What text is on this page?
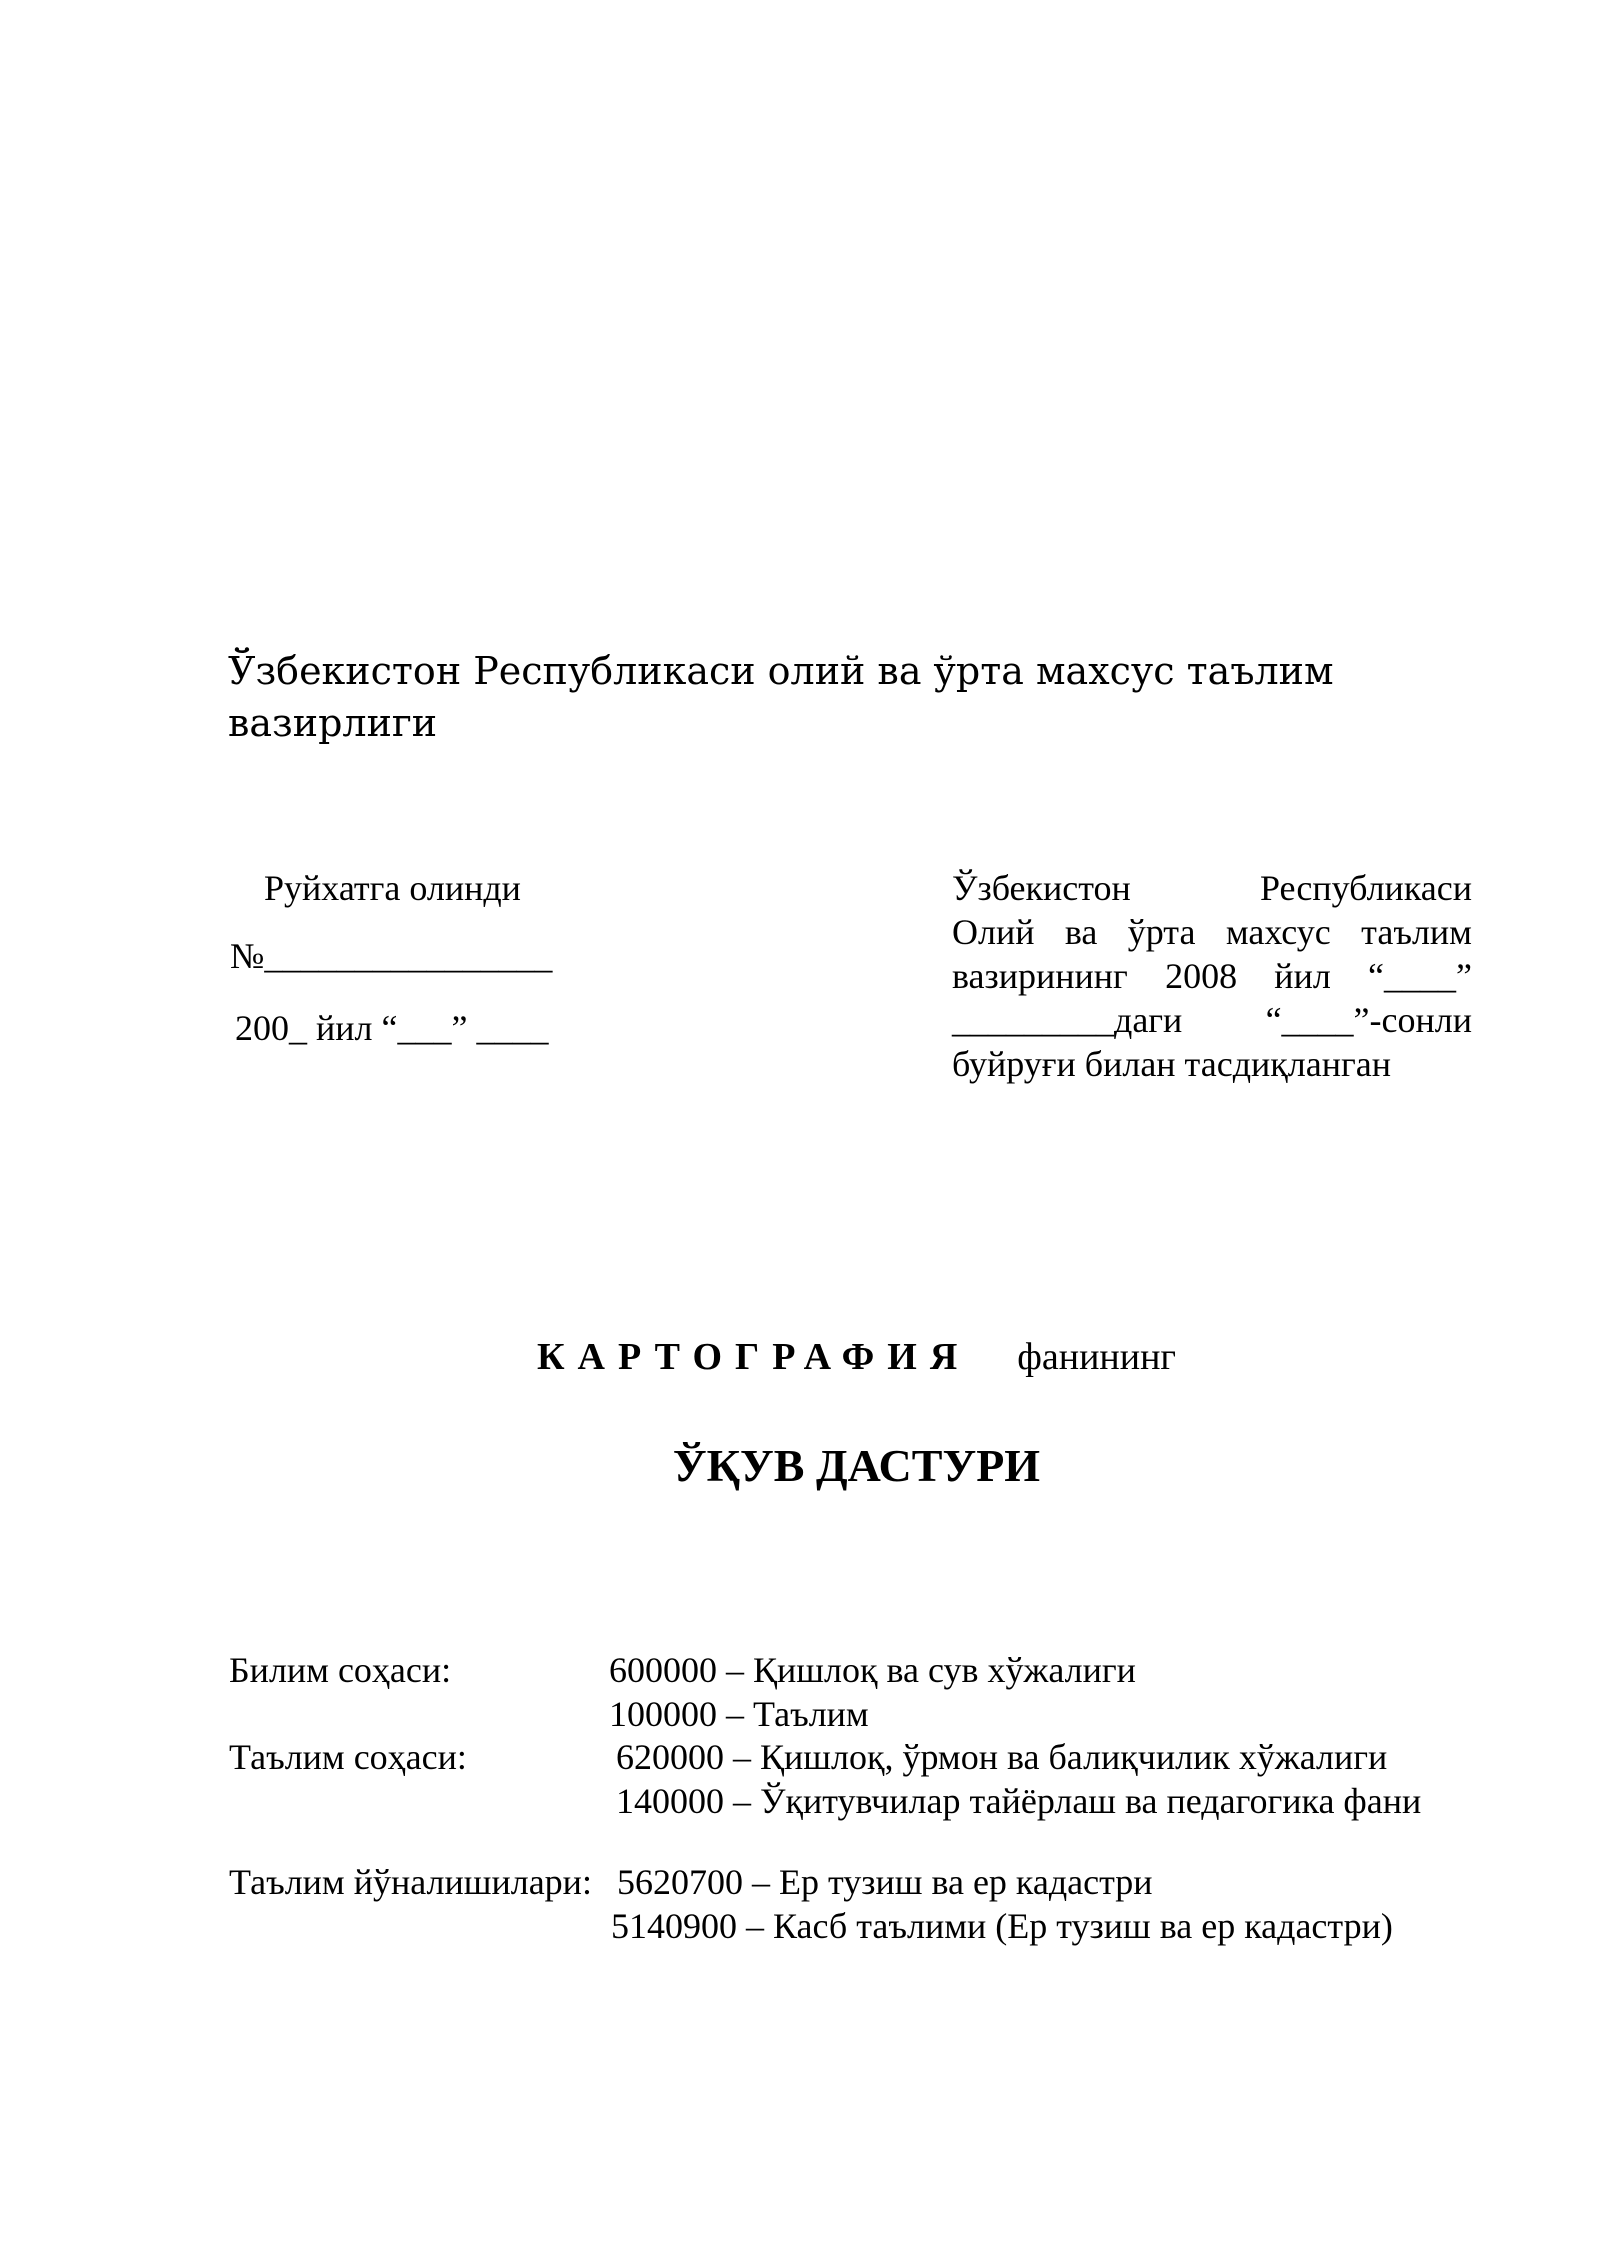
Ўзбекистон Республикаси олий ва ўрта махсус таълим
вазирлиги
Руйхатга олинди
№________________
200_ йил “___” ____
Ўзбекистон	Республикаси
Олий ва ўрта махсус таълим
вазирининг 2008 йил “____”
_________даги “____”-сонли
буйруғи билан тасдиқланган
КАРТОГРАФИЯ фанининг
ЎҚУВ ДАСТУРИ
Билим соҳаси:	600000 – Қишлоқ ва сув хўжалиги
100000 – Таълим
Таълим соҳаси:	620000 – Қишлоқ, ўрмон ва балиқчилик хўжалиги
140000 – Ўқитувчилар тайёрлаш ва педагогика фани
Таълим йўналишилари: 5620700 – Ер тузиш ва ер кадастри
5140900 – Касб таълими (Ер тузиш ва ер кадастри)
